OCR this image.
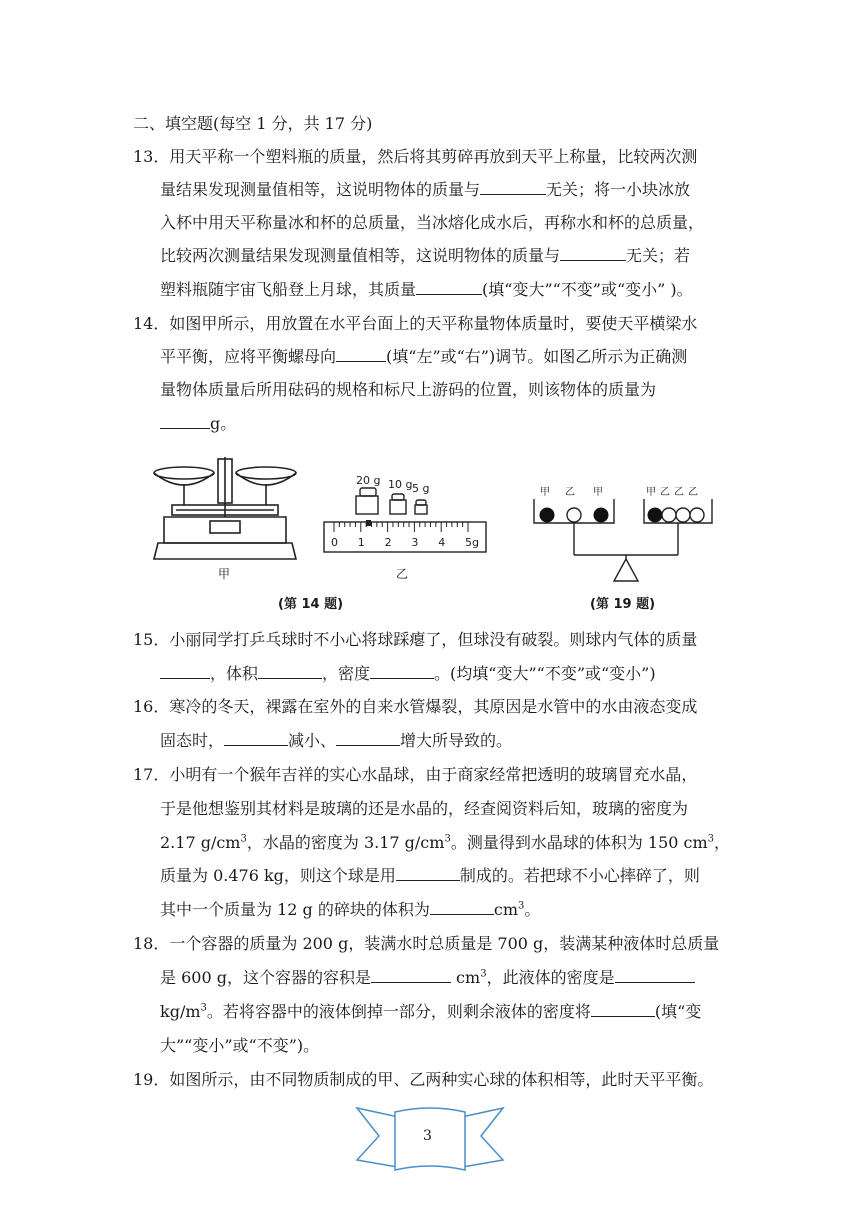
二、填空题(每空 1 分，共 17 分)
13．用天平称一个塑料瓶的质量，然后将其剪碎再放到天平上称量，比较两次测
量结果发现测量值相等，这说明物体的质量与	无关；将一小块冰放
入杯中用天平称量冰和杯的总质量，当冰熔化成水后，再称水和杯的总质量，
比较两次测量结果发现测量值相等，这说明物体的质量与	无关；若
塑料瓶随宇宙飞船登上月球，其质量	(填“变大”“不变”或“变小” )。
14．如图甲所示，用放置在水平台面上的天平称量物体质量时，要使天平横梁水
平平衡，应将平衡螺母向	(填“左”或“右”)调节。如图乙所示为正确测
量物体质量后所用砝码的规格和标尺上游码的位置，则该物体的质量为
g。
甲
20 g 10 g 5 g
0 1 2 3 4 5g
乙
(第 14 题)
甲 乙 甲	甲 乙 乙 乙
(第 19 题)
15．小丽同学打乒乓球时不小心将球踩瘪了，但球没有破裂。则球内气体的质量
，体积	，密度	。(均填“变大”“不变”或“变小”)
16．寒冷的冬天，裸露在室外的自来水管爆裂，其原因是水管中的水由液态变成
固态时，	减小、	增大所导致的。
17．小明有一个猴年吉祥的实心水晶球，由于商家经常把透明的玻璃冒充水晶，
于是他想鉴别其材料是玻璃的还是水晶的，经查阅资料后知，玻璃的密度为
2.17 $g/cm^3$，水晶的密度为 3.17 $g/cm^3$。测量得到水晶球的体积为 150 $cm^3$，
质量为 0.476 kg，则这个球是用	制成的。若把球不小心摔碎了，则
其中一个质量为 12 g 的碎块的体积为	$cm^3$。
18．一个容器的质量为 200 g，装满水时总质量是 700 g，装满某种液体时总质量
是 600 g，这个容器的容积是	$cm^3$，此液体的密度是
$kg/m^3$。若将容器中的液体倒掉一部分，则剩余液体的密度将	(填“变
大”“变小”或“不变”)。
19．如图所示，由不同物质制成的甲、乙两种实心球的体积相等，此时天平平衡。
3
